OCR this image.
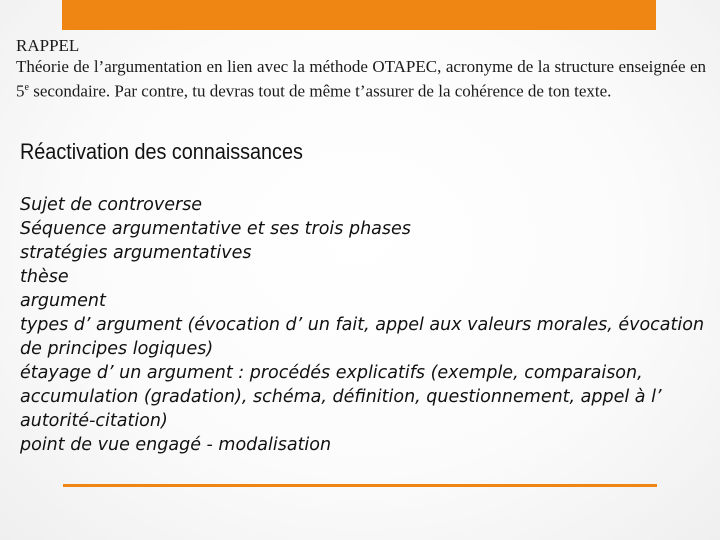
RAPPEL
Théorie de l’argumentation en lien avec la méthode OTAPEC, acronyme de la structure enseignée en 5e secondaire. Par contre, tu devras tout de même t’assurer de la cohérence de ton texte.
Réactivation des connaissances
Sujet de controverse
Séquence argumentative et ses trois phases
stratégies argumentatives
thèse
argument
types d’ argument (évocation d’ un fait, appel aux valeurs morales, évocation de principes logiques)
étayage d’ un argument : procédés explicatifs (exemple, comparaison, accumulation (gradation), schéma, définition, questionnement, appel à l’ autorité-citation)
point de vue engagé - modalisation
